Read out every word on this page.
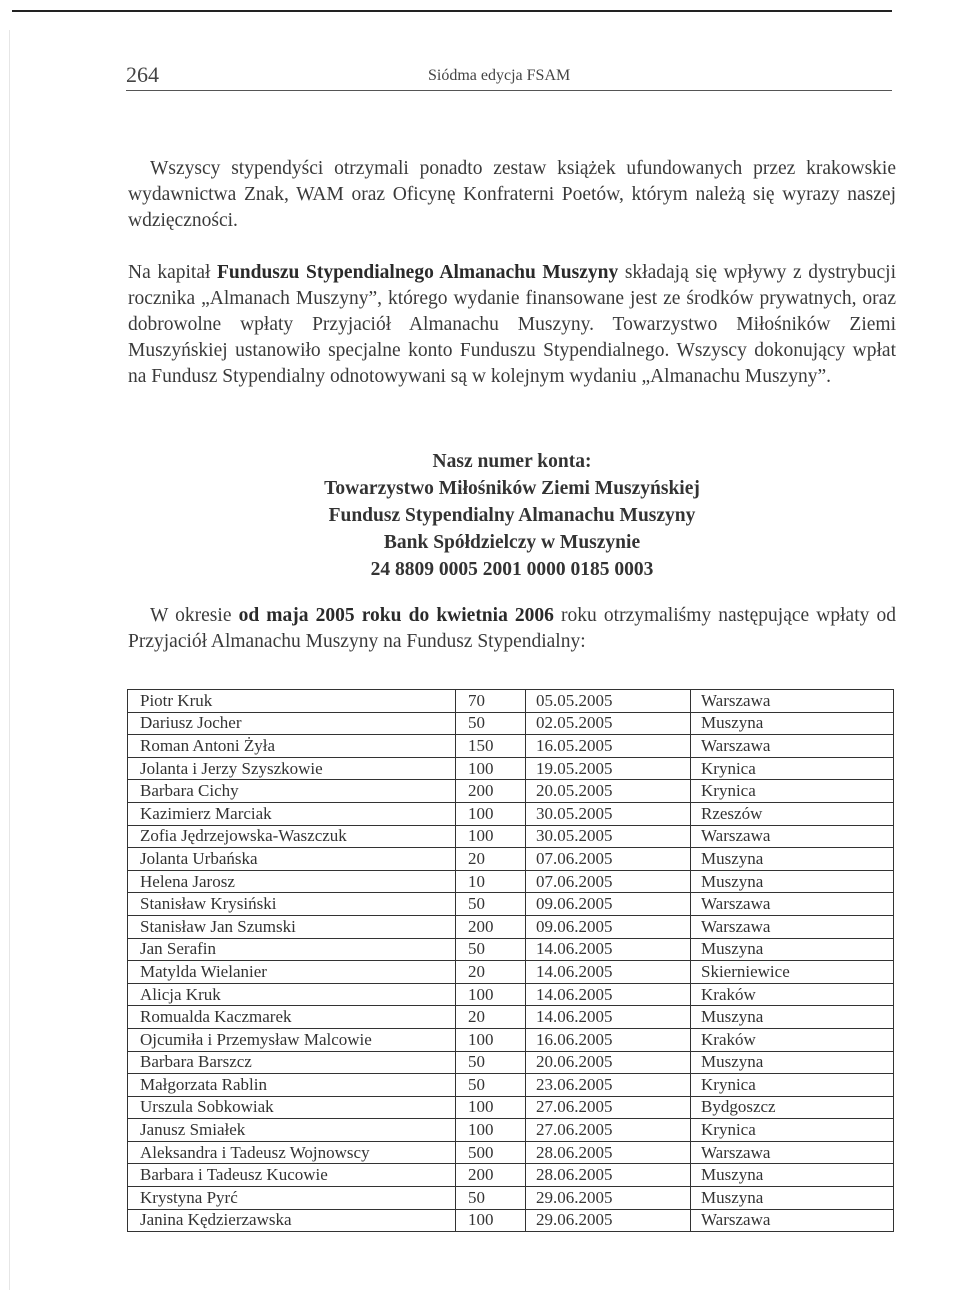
264	Siódma edycja FSAM

Wszyscy stypendyści otrzymali ponadto zestaw książek ufundowanych przez krakowskie wydawnictwa Znak, WAM oraz Oficynę Konfraterni Poetów, którym należą się wyrazy naszej wdzięczności.

Na kapitał Funduszu Stypendialnego Almanachu Muszyny składają się wpływy z dystrybucji rocznika „Almanach Muszyny”, którego wydanie finansowane jest ze środków prywatnych, oraz dobrowolne wpłaty Przyjaciół Almanachu Muszyny. Towarzystwo Miłośników Ziemi Muszyńskiej ustanowiło specjalne konto Funduszu Stypendialnego. Wszyscy dokonujący wpłat na Fundusz Stypendialny odnotowywani są w kolejnym wydaniu „Almanachu Muszyny”.

Nasz numer konta:
Towarzystwo Miłośników Ziemi Muszyńskiej
Fundusz Stypendialny Almanachu Muszyny
Bank Spółdzielczy w Muszynie
24 8809 0005 2001 0000 0185 0003

W okresie od maja 2005 roku do kwietnia 2006 roku otrzymaliśmy następujące wpłaty od Przyjaciół Almanachu Muszyny na Fundusz Stypendialny:

Piotr Kruk	70	05.05.2005	Warszawa
Dariusz Jocher	50	02.05.2005	Muszyna
Roman Antoni Żyła	150	16.05.2005	Warszawa
Jolanta i Jerzy Szyszkowie	100	19.05.2005	Krynica
Barbara Cichy	200	20.05.2005	Krynica
Kazimierz Marciak	100	30.05.2005	Rzeszów
Zofia Jędrzejowska-Waszczuk	100	30.05.2005	Warszawa
Jolanta Urbańska	20	07.06.2005	Muszyna
Helena Jarosz	10	07.06.2005	Muszyna
Stanisław Krysiński	50	09.06.2005	Warszawa
Stanisław Jan Szumski	200	09.06.2005	Warszawa
Jan Serafin	50	14.06.2005	Muszyna
Matylda Wielanier	20	14.06.2005	Skierniewice
Alicja Kruk	100	14.06.2005	Kraków
Romualda Kaczmarek	20	14.06.2005	Muszyna
Ojcumiła i Przemysław Malcowie	100	16.06.2005	Kraków
Barbara Barszcz	50	20.06.2005	Muszyna
Małgorzata Rablin	50	23.06.2005	Krynica
Urszula Sobkowiak	100	27.06.2005	Bydgoszcz
Janusz Smiałek	100	27.06.2005	Krynica
Aleksandra i Tadeusz Wojnowscy	500	28.06.2005	Warszawa
Barbara i Tadeusz Kucowie	200	28.06.2005	Muszyna
Krystyna Pyrć	50	29.06.2005	Muszyna
Janina Kędzierzawska	100	29.06.2005	Warszawa
